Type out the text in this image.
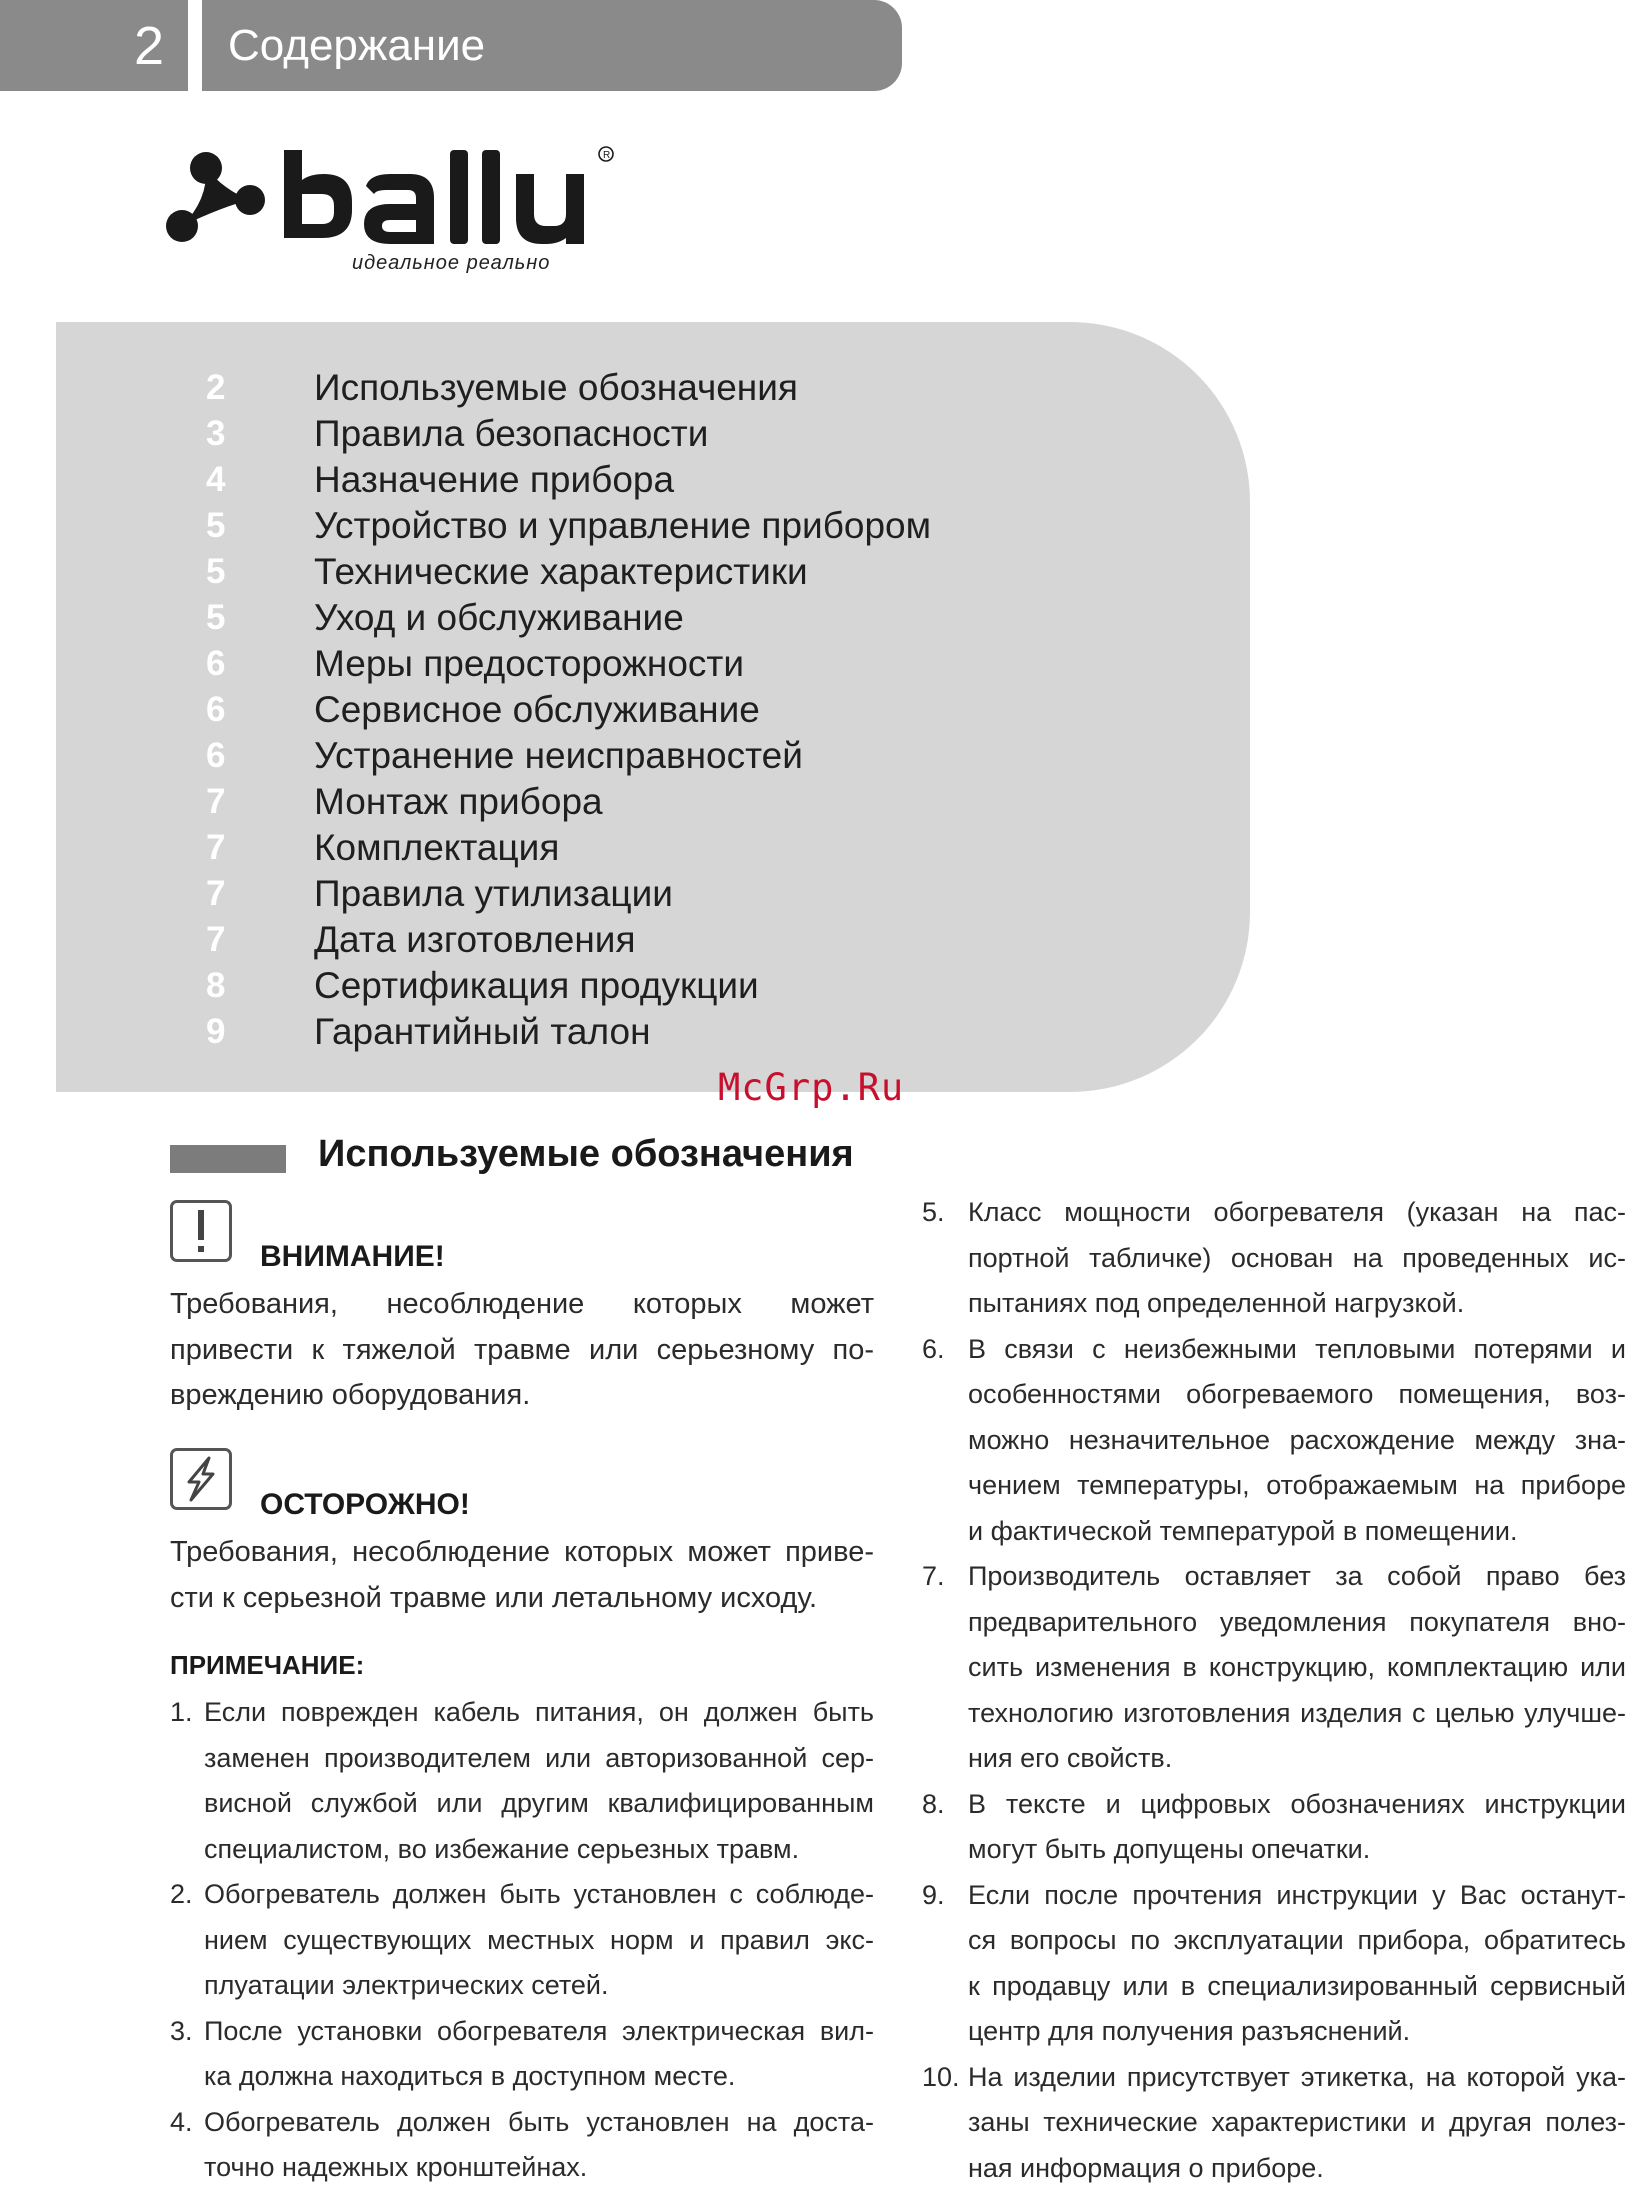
2	Содержание
R
идеальное реально
2	Используемые обозначения
3	Правила безопасности
4	Назначение прибора
5	Устройство и управление прибором
5	Технические характеристики
5	Уход и обслуживание
6	Меры предосторожности
6	Сервисное обслуживание
6	Устранение неисправностей
7	Монтаж прибора
7	Комплектация
7	Правила утилизации
7	Дата изготовления
8	Сертификация продукции
9	Гарантийный талон
McGrp.Ru
Используемые обозначения
ВНИМАНИЕ!
Требования, несоблюдение которых может
привести к тяжелой травме или серьезному по-
вреждению оборудования.
ОСТОРОЖНО!
Требования, несоблюдение которых может приве-
сти к серьезной травме или летальному исходу.
ПРИМЕЧАНИЕ:
1. Если поврежден кабель питания, он должен быть
заменен производителем или авторизованной сер-
висной службой или другим квалифицированным
специалистом, во избежание серьезных травм.
2. Обогреватель должен быть установлен с соблюде-
нием существующих местных норм и правил экс-
плуатации электрических сетей.
3. После установки обогревателя электрическая вил-
ка должна находиться в доступном месте.
4. Обогреватель должен быть установлен на доста-
точно надежных кронштейнах.
5. Класс мощности обогревателя (указан на пас-
портной табличке) основан на проведенных ис-
пытаниях под определенной нагрузкой.
6. В связи с неизбежными тепловыми потерями и
особенностями обогреваемого помещения, воз-
можно незначительное расхождение между зна-
чением температуры, отображаемым на приборе
и фактической температурой в помещении.
7. Производитель оставляет за собой право без
предварительного уведомления покупателя вно-
сить изменения в конструкцию, комплектацию или
технологию изготовления изделия с целью улучше-
ния его свойств.
8. В тексте и цифровых обозначениях инструкции
могут быть допущены опечатки.
9. Если после прочтения инструкции у Вас останут-
ся вопросы по эксплуатации прибора, обратитесь
к продавцу или в специализированный сервисный
центр для получения разъяснений.
10. На изделии присутствует этикетка, на которой ука-
заны технические характеристики и другая полез-
ная информация о приборе.
